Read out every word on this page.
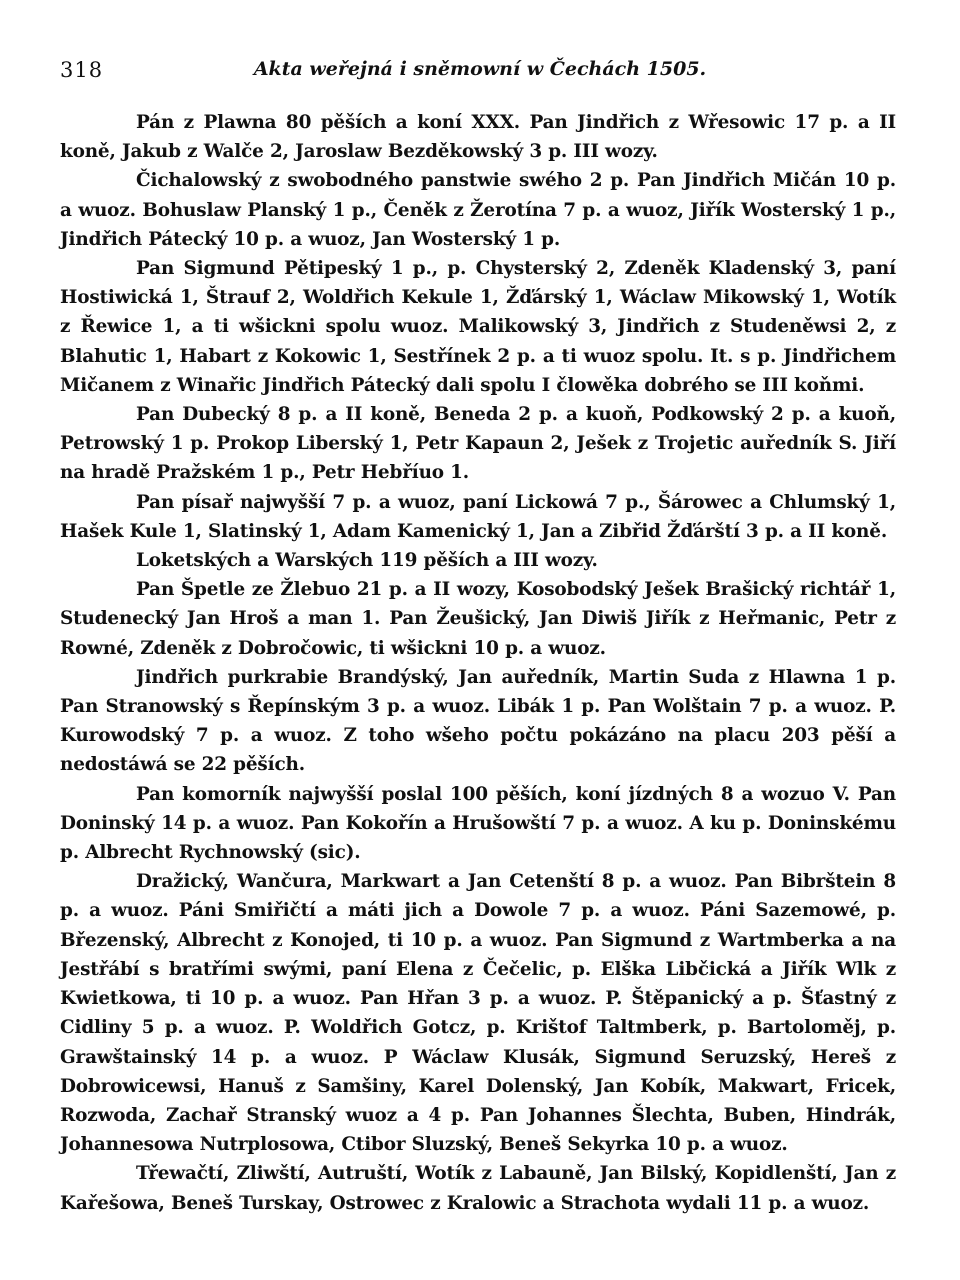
318	Akta weřejná i sněmowní w Čechách 1505.

Pán z Plawna 80 pěších a koní XXX. Pan Jindřich z Wřesowic 17 p. a II koně, Jakub z Walče 2, Jaroslaw Bezděkowský 3 p. III wozy.

Čichalowský z swobodného panstwie swého 2 p. Pan Jindřich Mičán 10 p. a wuoz. Bohuslaw Planský 1 p., Čeněk z Žerotína 7 p. a wuoz, Jiřík Wosterský 1 p., Jindřich Pátecký 10 p. a wuoz, Jan Wosterský 1 p.

Pan Sigmund Pětipeský 1 p., p. Chysterský 2, Zdeněk Kladenský 3, paní Hostiwická 1, Štrauf 2, Woldřich Kekule 1, Žďárský 1, Wáclaw Mikowský 1, Wotík z Řewice 1, a ti wšickni spolu wuoz. Malikowský 3, Jindřich z Studeněwsi 2, z Blahutic 1, Habart z Kokowic 1, Sestřínek 2 p. a ti wuoz spolu. It. s p. Jindřichem Mičanem z Winařic Jindřich Pátecký dali spolu I člowěka dobrého se III koňmi.

Pan Dubecký 8 p. a II koně, Beneda 2 p. a kuoň, Podkowský 2 p. a kuoň, Petrowský 1 p. Prokop Liberský 1, Petr Kapaun 2, Ješek z Trojetic auředník S. Jiří na hradě Pražském 1 p., Petr Hebříuo 1.

Pan písař najwyšší 7 p. a wuoz, paní Lickowá 7 p., Šárowec a Chlumský 1, Hašek Kule 1, Slatinský 1, Adam Kamenický 1, Jan a Zibřid Žďárští 3 p. a II koně.

Loketských a Warských 119 pěších a III wozy.

Pan Špetle ze Žlebuo 21 p. a II wozy, Kosobodský Ješek Brašický richtář 1, Studenecký Jan Hroš a man 1. Pan Žeušický, Jan Diwiš Jiřík z Heřmanic, Petr z Rowné, Zdeněk z Dobročowic, ti wšickni 10 p. a wuoz.

Jindřich purkrabie Brandýský, Jan auředník, Martin Suda z Hlawna 1 p. Pan Stranowský s Řepínským 3 p. a wuoz. Libák 1 p. Pan Wolštain 7 p. a wuoz. P. Kurowodský 7 p. a wuoz. Z toho wšeho počtu pokázáno na placu 203 pěší a nedostáwá se 22 pěších.

Pan komorník najwyšší poslal 100 pěších, koní jízdných 8 a wozuo V. Pan Doninský 14 p. a wuoz. Pan Kokořín a Hrušowští 7 p. a wuoz. A ku p. Doninskému p. Albrecht Rychnowský (sic).

Dražický, Wančura, Markwart a Jan Cetenští 8 p. a wuoz. Pan Bibrštein 8 p. a wuoz. Páni Smiřičtí a máti jich a Dowole 7 p. a wuoz. Páni Sazemowé, p. Březenský, Albrecht z Konojed, ti 10 p. a wuoz. Pan Sigmund z Wartmberka a na Jestřábí s bratřími swými, paní Elena z Čečelic, p. Elška Libčická a Jiřík Wlk z Kwietkowa, ti 10 p. a wuoz. Pan Hřan 3 p. a wuoz. P. Štěpanický a p. Šťastný z Cidliny 5 p. a wuoz. P. Woldřich Gotcz, p. Krištof Taltmberk, p. Bartoloměj, p. Grawštainský 14 p. a wuoz. P Wáclaw Klusák, Sigmund Seruzský, Hereš z Dobrowicewsi, Hanuš z Samšiny, Karel Dolenský, Jan Kobík, Makwart, Fricek, Rozwoda, Zachař Stranský wuoz a 4 p. Pan Johannes Šlechta, Buben, Hindrák, Johannesowa Nutrplosowa, Ctibor Sluzský, Beneš Sekyrka 10 p. a wuoz.

Třewačtí, Zliwští, Autruští, Wotík z Labauně, Jan Bilský, Kopidlenští, Jan z Kařešowa, Beneš Turskay, Ostrowec z Kralowic a Strachota wydali 11 p. a wuoz.
